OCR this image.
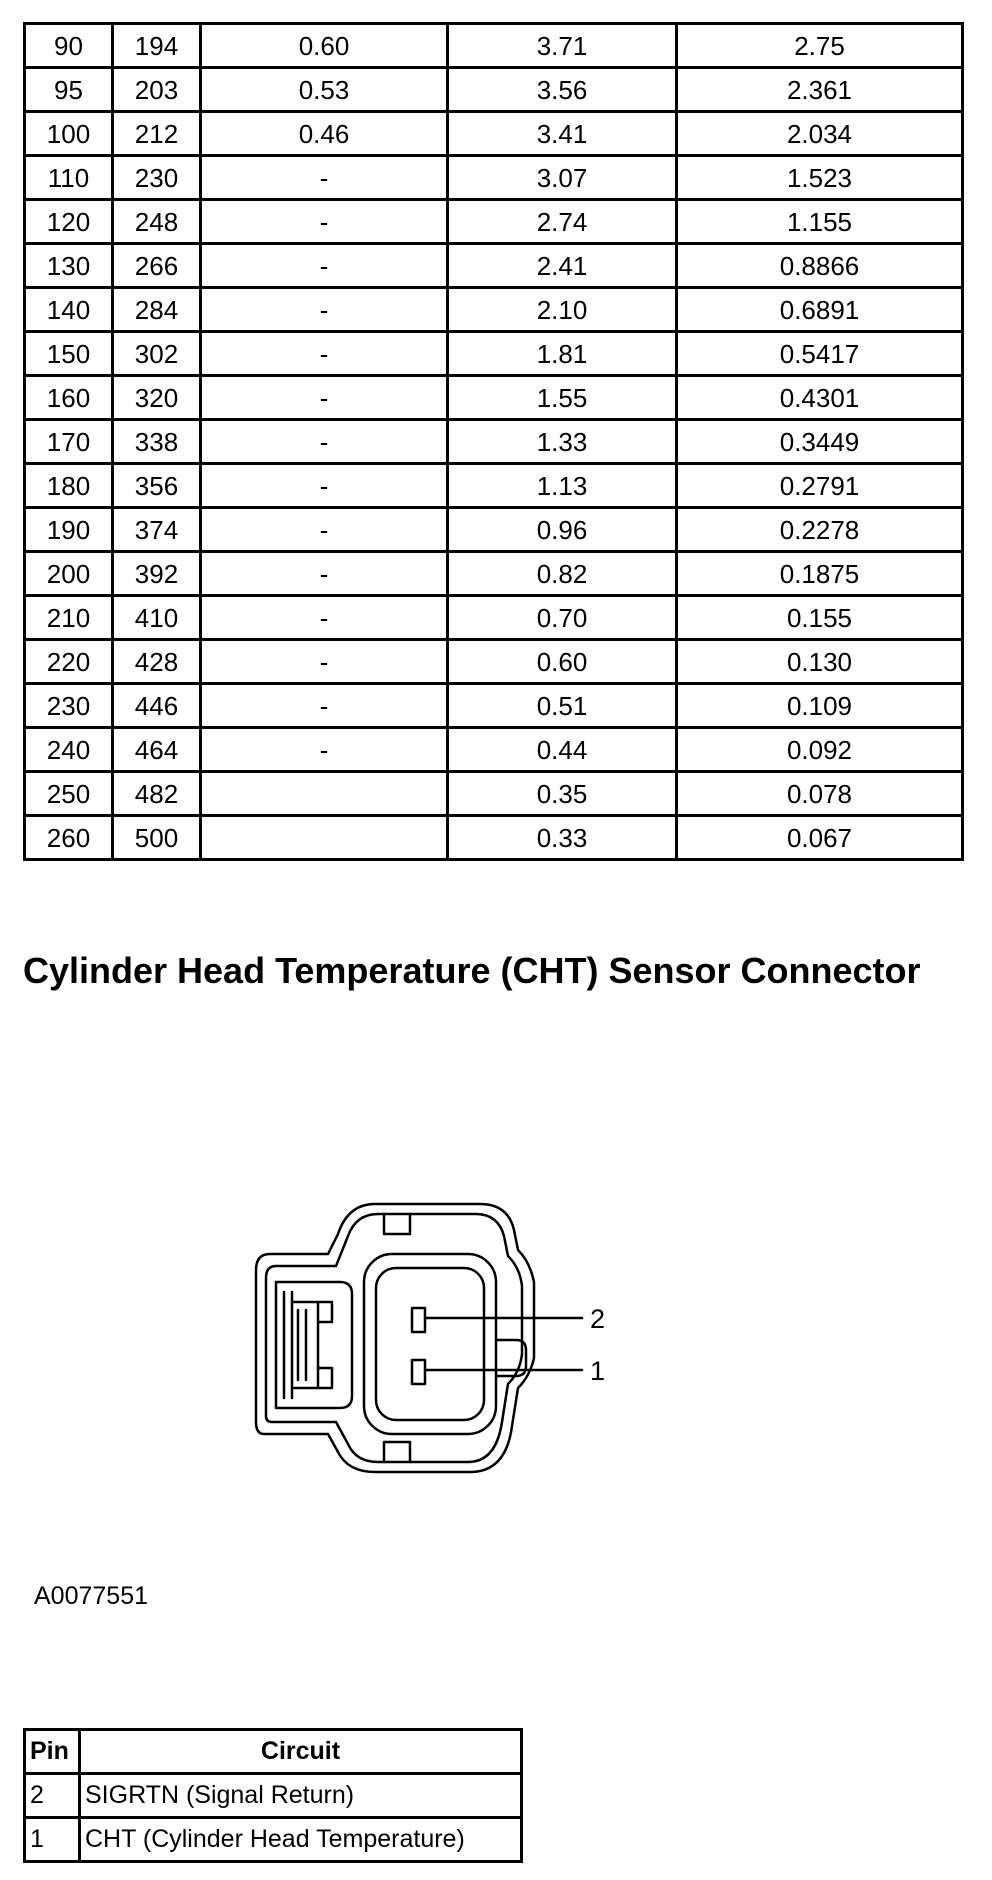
90	194	0.60	3.71	2.75
95	203	0.53	3.56	2.361
100	212	0.46	3.41	2.034
110	230	-	3.07	1.523
120	248	-	2.74	1.155
130	266	-	2.41	0.8866
140	284	-	2.10	0.6891
150	302	-	1.81	0.5417
160	320	-	1.55	0.4301
170	338	-	1.33	0.3449
180	356	-	1.13	0.2791
190	374	-	0.96	0.2278
200	392	-	0.82	0.1875
210	410	-	0.70	0.155
220	428	-	0.60	0.130
230	446	-	0.51	0.109
240	464	-	0.44	0.092
250	482		0.35	0.078
260	500		0.33	0.067
Cylinder Head Temperature (CHT) Sensor Connector
2
1
A0077551
Pin	Circuit
2	SIGRTN (Signal Return)
1	CHT (Cylinder Head Temperature)
